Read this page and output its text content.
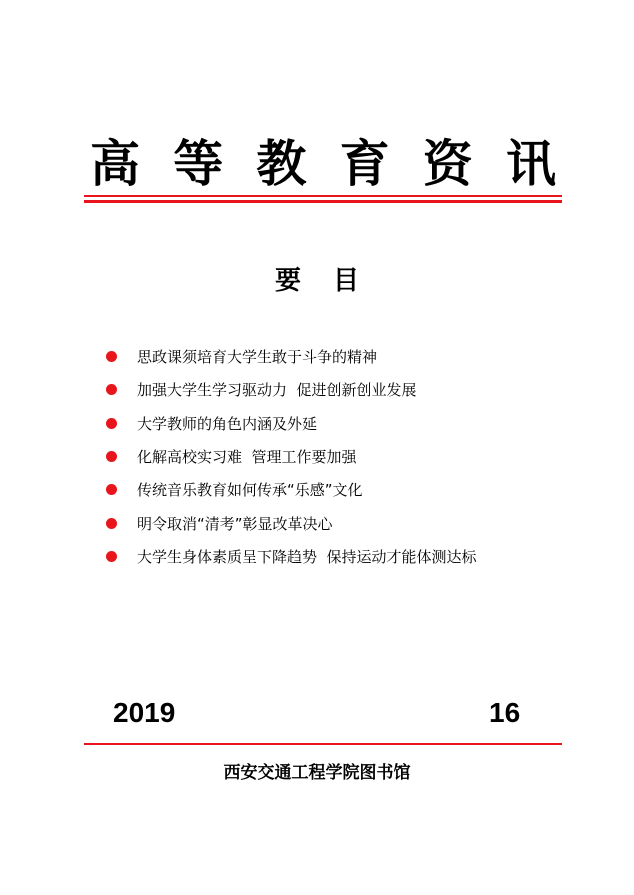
高 等 教 育 资 讯
要目
思政课须培育大学生敢于斗争的精神
加强大学生学习驱动力  促进创新创业发展
大学教师的角色内涵及外延
化解高校实习难  管理工作要加强
传统音乐教育如何传承“乐感”文化
明令取消“清考”彰显改革决心
大学生身体素质呈下降趋势  保持运动才能体测达标
2019	16
西安交通工程学院图书馆
